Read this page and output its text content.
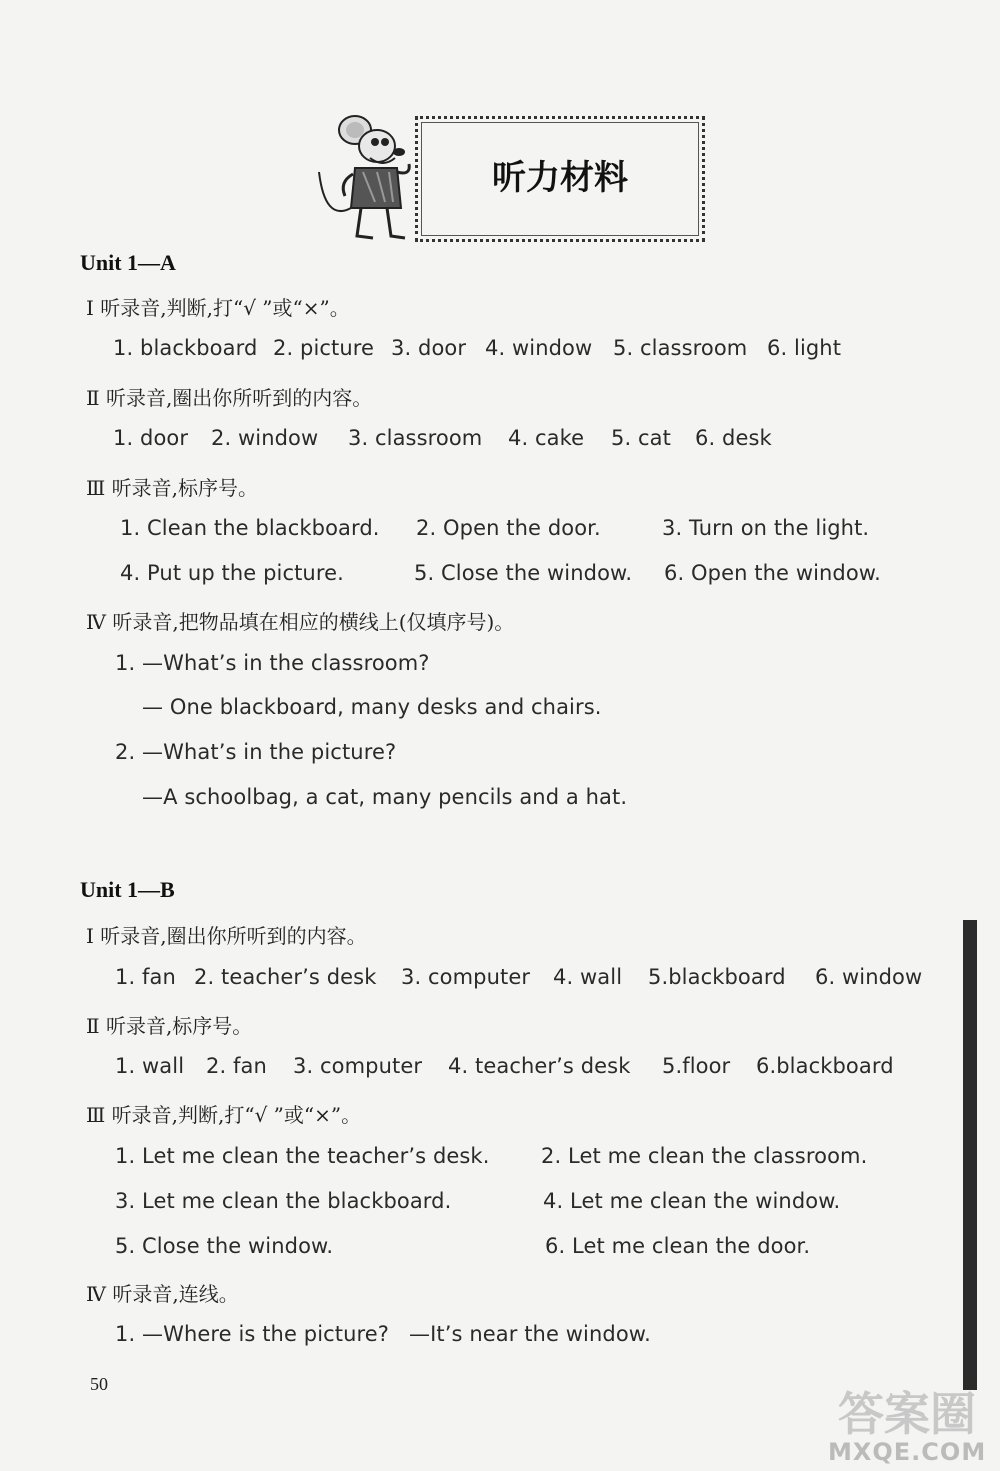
听力材料
Unit 1—A
Ⅰ 听录音,判断,打“√ ”或“×”。
1. blackboard 2. picture 3. door 4. window 5. classroom 6. light
Ⅱ 听录音,圈出你所听到的内容。
1. door 2. window 3. classroom 4. cake 5. cat 6. desk
Ⅲ 听录音,标序号。
1. Clean the blackboard. 2. Open the door.	3. Turn on the light.
4. Put up the picture.	5. Close the window. 6. Open the window.
Ⅳ 听录音,把物品填在相应的横线上(仅填序号)。
1. —What’s in the classroom?
— One blackboard, many desks and chairs.
2. —What’s in the picture?
—A schoolbag, a cat, many pencils and a hat.
Unit 1—B
Ⅰ 听录音,圈出你所听到的内容。
1. fan 2. teacher’s desk 3. computer 4. wall 5.blackboard 6. window
Ⅱ 听录音,标序号。
1. wall 2. fan 3. computer 4. teacher’s desk 5.floor 6.blackboard
Ⅲ 听录音,判断,打“√ ”或“×”。
1. Let me clean the teacher’s desk. 2. Let me clean the classroom.
3. Let me clean the blackboard.	4. Let me clean the window.
5. Close the window.	6. Let me clean the door.
Ⅳ 听录音,连线。
1. —Where is the picture? —It’s near the window.
50
答案圈
MXQE.COM
